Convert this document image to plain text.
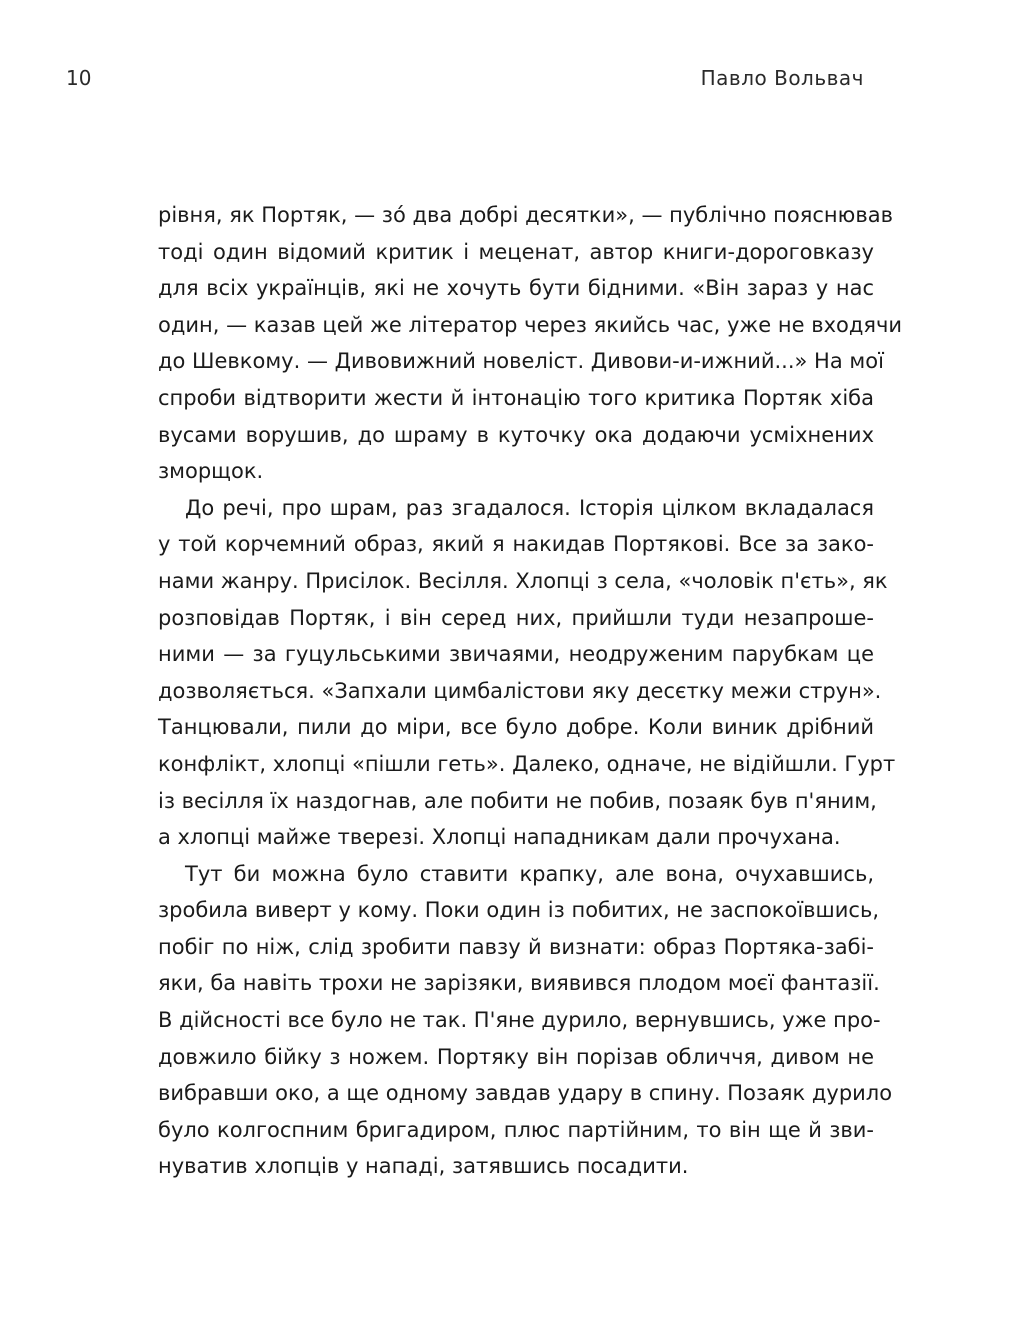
10	Павло Вольвач

рівня, як Портяк, — зо́ два добрі десятки», — публічно пояснював
тоді один відомий критик і меценат, автор книги-дороговказу
для всіх українців, які не хочуть бути бідними. «Він зараз у нас
один, — казав цей же літератор через якийсь час, уже не входячи
до Шевкому. — Дивовижний новеліст. Дивови-и-ижний...» На мої
спроби відтворити жести й інтонацію того критика Портяк хіба
вусами ворушив, до шраму в куточку ока додаючи усміхнених
зморщок.

До речі, про шрам, раз згадалося. Історія цілком вкладалася
у той корчемний образ, який я накидав Портякові. Все за зако-
нами жанру. Присілок. Весілля. Хлопці з села, «чоловік п'єть», як
розповідав Портяк, і він серед них, прийшли туди незапроше-
ними — за гуцульськими звичаями, неодруженим парубкам це
дозволяється. «Запхали цимбалістови яку десєтку межи струн».
Танцювали, пили до міри, все було добре. Коли виник дрібний
конфлікт, хлопці «пішли геть». Далеко, одначе, не відійшли. Гурт
із весілля їх наздогнав, але побити не побив, позаяк був п'яним,
а хлопці майже тверезі. Хлопці нападникам дали прочухана.

Тут би можна було ставити крапку, але вона, очухавшись,
зробила виверт у кому. Поки один із побитих, не заспокоївшись,
побіг по ніж, слід зробити павзу й визнати: образ Портяка-забі-
яки, ба навіть трохи не зарізяки, виявився плодом моєї фантазії.
В дійсності все було не так. П'яне дурило, вернувшись, уже про-
довжило бійку з ножем. Портяку він порізав обличчя, дивом не
вибравши око, а ще одному завдав удару в спину. Позаяк дурило
було колгоспним бригадиром, плюс партійним, то він ще й зви-
нуватив хлопців у нападі, затявшись посадити.
